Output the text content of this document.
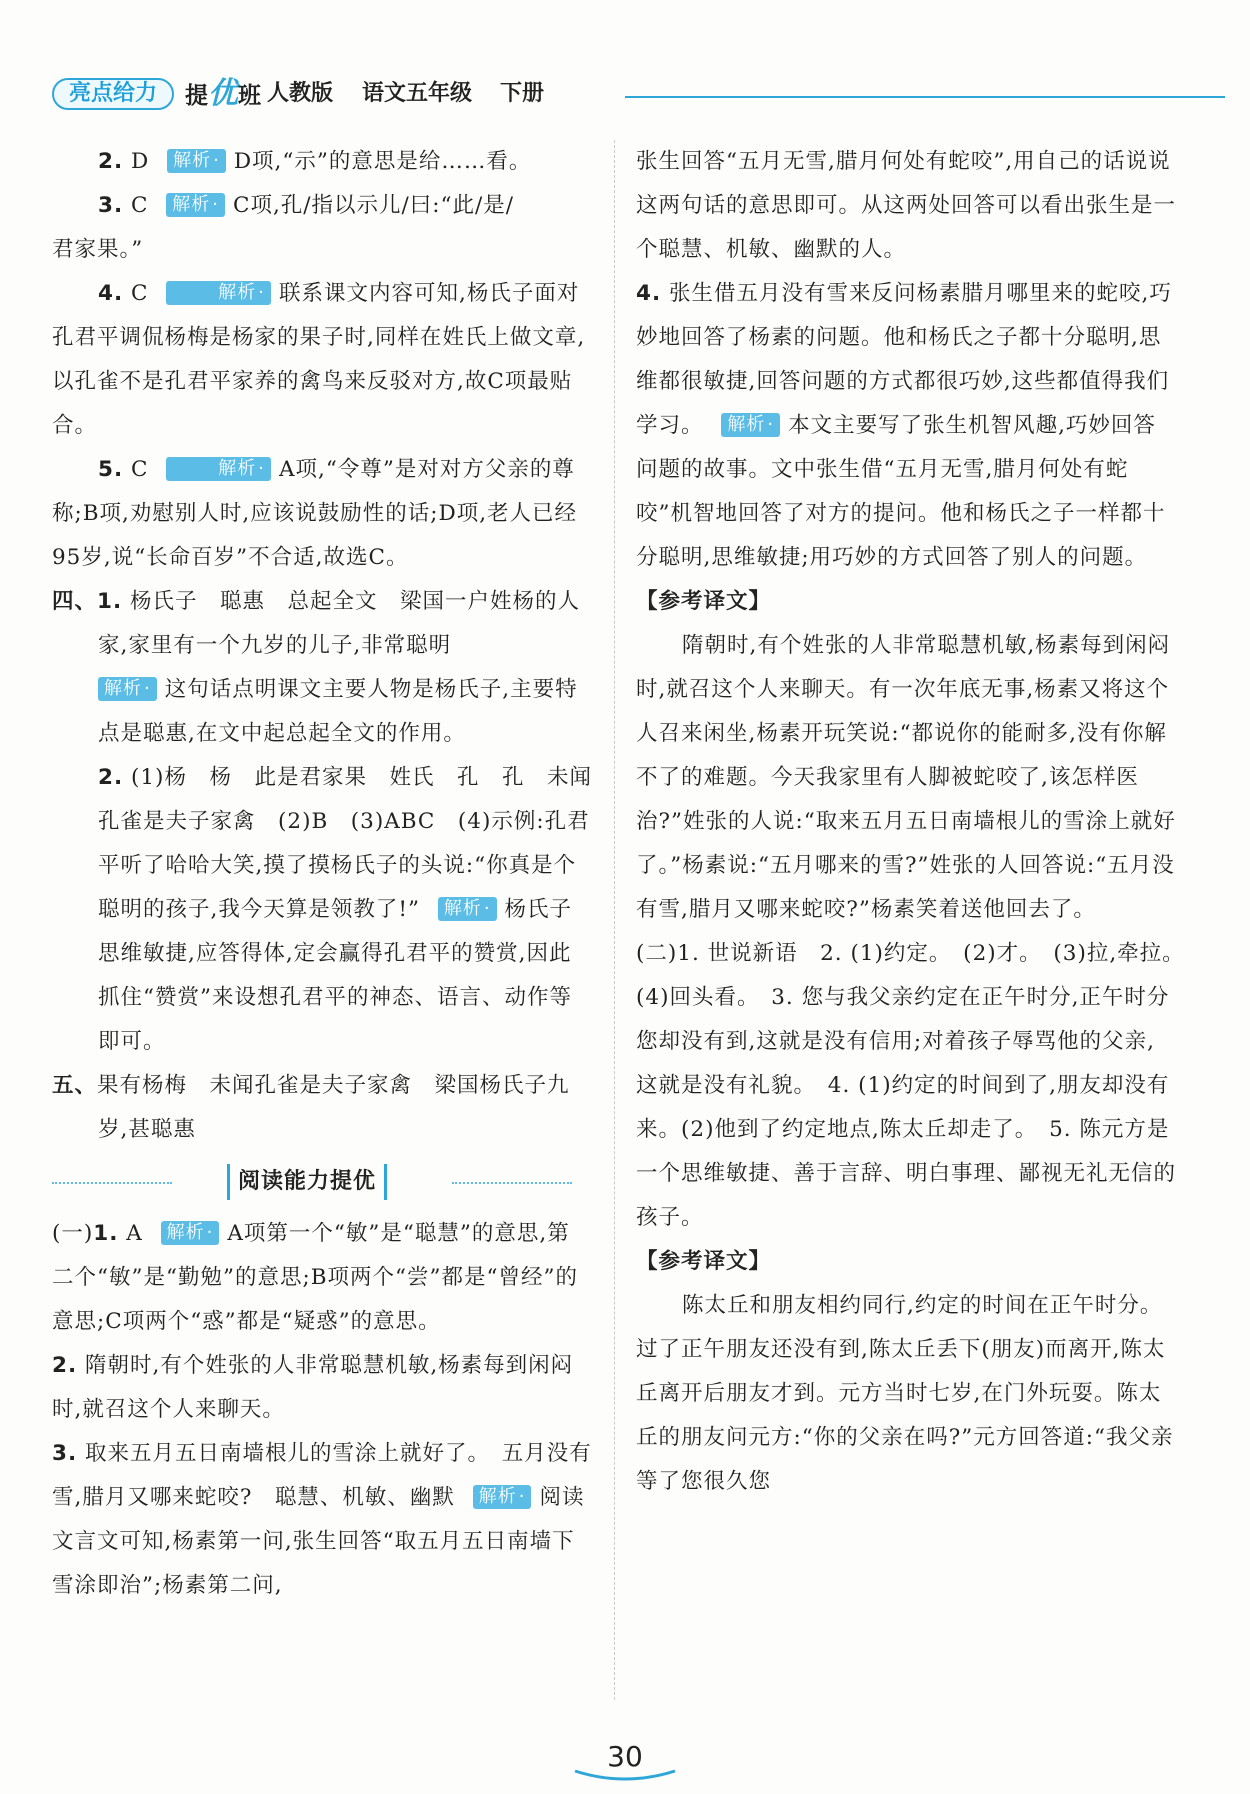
亮点给力	提优班 人教版 语文五年级 下册

2. D 解析 · D项,“示”的意思是给……看。

3. C 解析 · C项,孔/指以示儿/曰:“此/是/

君家果。”

4. C	解析 · 联系课文内容可知,杨氏子面对孔君平调侃杨梅是杨家的果子时,同样在姓氏上做文章,以孔雀不是孔君平家养的禽鸟来反驳对方,故C项最贴合。

5. C	解析 · A项,“令尊”是对对方父亲的尊称;B项,劝慰别人时,应该说鼓励性的话;D项,老人已经95岁,说“长命百岁”不合适,故选C。

四、1. 杨氏子　聪惠　总起全文　梁国一户姓杨的人家,家里有一个九岁的儿子,非常聪明

解析 · 这句话点明课文主要人物是杨氏子,主要特点是聪惠,在文中起总起全文的作用。

2. (1)杨　杨　此是君家果　姓氏　孔　孔　未闻孔雀是夫子家禽　(2)B　(3)ABC　(4)示例:孔君平听了哈哈大笑,摸了摸杨氏子的头说:“你真是个聪明的孩子,我今天算是领教了!” 解析 · 杨氏子思维敏捷,应答得体,定会赢得孔君平的赞赏,因此抓住“赞赏”来设想孔君平的神态、语言、动作等即可。

五、果有杨梅　未闻孔雀是夫子家禽　梁国杨氏子九岁,甚聪惠

阅读能力提优

(一)1. A 解析 · A项第一个“敏”是“聪慧”的意思,第二个“敏”是“勤勉”的意思;B项两个“尝”都是“曾经”的意思;C项两个“惑”都是“疑惑”的意思。

2. 隋朝时,有个姓张的人非常聪慧机敏,杨素每到闲闷时,就召这个人来聊天。

3. 取来五月五日南墙根儿的雪涂上就好了。　五月没有雪,腊月又哪来蛇咬?　聪慧、机敏、幽默 解析 · 阅读文言文可知,杨素第一问,张生回答“取五月五日南墙下雪涂即治”;杨素第二问,

张生回答“五月无雪,腊月何处有蛇咬”,用自己的话说说这两句话的意思即可。从这两处回答可以看出张生是一个聪慧、机敏、幽默的人。

4. 张生借五月没有雪来反问杨素腊月哪里来的蛇咬,巧妙地回答了杨素的问题。他和杨氏之子都十分聪明,思维都很敏捷,回答问题的方式都很巧妙,这些都值得我们学习。 解析 · 本文主要写了张生机智风趣,巧妙回答问题的故事。文中张生借“五月无雪,腊月何处有蛇咬”机智地回答了对方的提问。他和杨氏之子一样都十分聪明,思维敏捷;用巧妙的方式回答了别人的问题。

【参考译文】

隋朝时,有个姓张的人非常聪慧机敏,杨素每到闲闷时,就召这个人来聊天。有一次年底无事,杨素又将这个人召来闲坐,杨素开玩笑说:“都说你的能耐多,没有你解不了的难题。今天我家里有人脚被蛇咬了,该怎样医治?”姓张的人说:“取来五月五日南墙根儿的雪涂上就好了。”杨素说:“五月哪来的雪?”姓张的人回答说:“五月没有雪,腊月又哪来蛇咬?”杨素笑着送他回去了。

(二)1. 世说新语　2. (1)约定。　(2)才。　(3)拉,牵拉。　(4)回头看。　 3. 您与我父亲约定在正午时分,正午时分您却没有到,这就是没有信用;对着孩子辱骂他的父亲,这就是没有礼貌。　 4. (1)约定的时间到了,朋友却没有来。(2)他到了约定地点,陈太丘却走了。　 5. 陈元方是一个思维敏捷、善于言辞、明白事理、鄙视无礼无信的孩子。

【参考译文】

陈太丘和朋友相约同行,约定的时间在正午时分。过了正午朋友还没有到,陈太丘丢下(朋友)而离开,陈太丘离开后朋友才到。元方当时七岁,在门外玩耍。陈太丘的朋友问元方:“你的父亲在吗?”元方回答道:“我父亲等了您很久您

30
